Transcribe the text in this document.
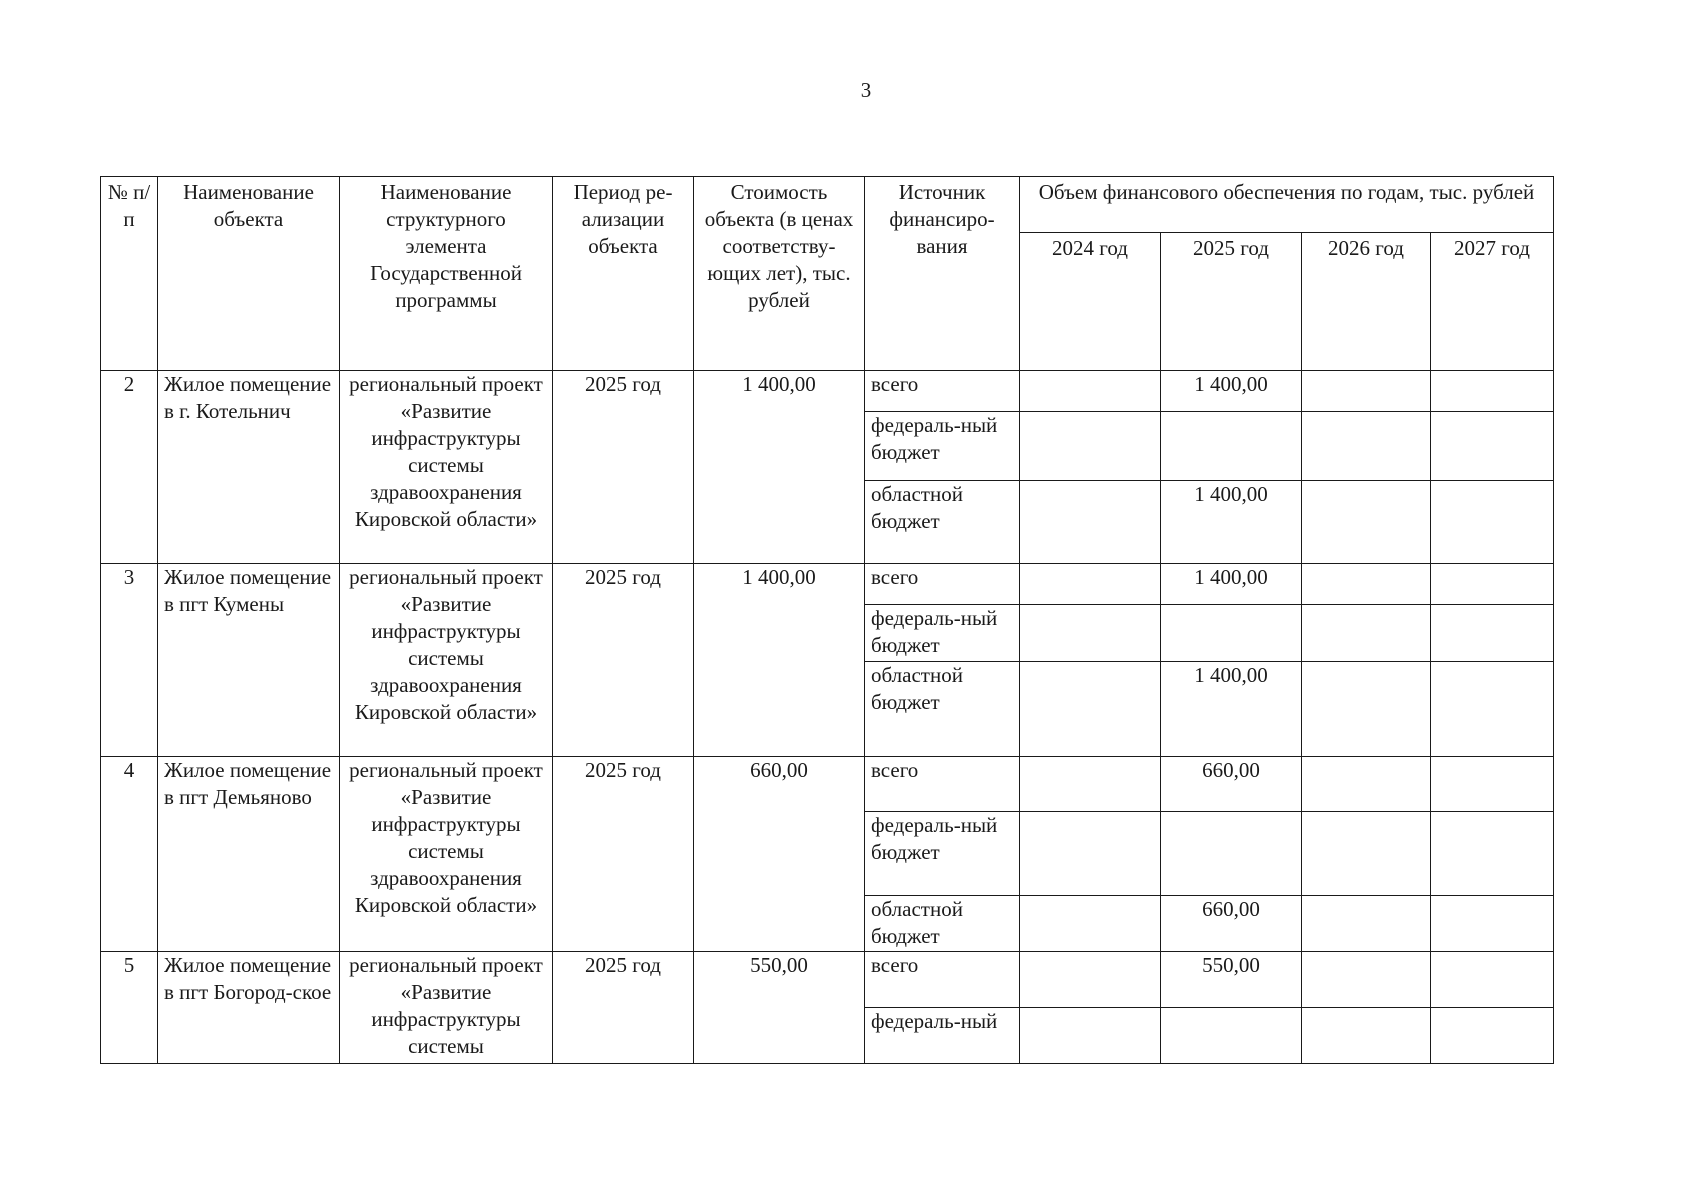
3
№ п/п	Наименование объекта	Наименование структурного элемента Государственной программы	Период ре-ализации объекта	Стоимость объекта (в ценах соответству-ющих лет), тыс. рублей	Источник финансиро-вания	Объем финансового обеспечения по годам, тыс. рублей			
						2024 год	2025 год	2026 год	2027 год
2	Жилое помещение в г. Котельнич	региональный проект «Развитие инфраструктуры системы здравоохранения Кировской области»	2025 год	1 400,00	всего		1 400,00		
					федераль-ный бюджет				
					областной бюджет		1 400,00		
3	Жилое помещение в пгт Кумены	региональный проект «Развитие инфраструктуры системы здравоохранения Кировской области»	2025 год	1 400,00	всего		1 400,00		
					федераль-ный бюджет				
					областной бюджет		1 400,00		
4	Жилое помещение в пгт Демьяново	региональный проект «Развитие инфраструктуры системы здравоохранения Кировской области»	2025 год	660,00	всего		660,00		
					федераль-ный бюджет				
					областной бюджет		660,00		
5	Жилое помещение в пгт Богород-ское	региональный проект «Развитие инфраструктуры системы	2025 год	550,00	всего		550,00		
					федераль-ный				
